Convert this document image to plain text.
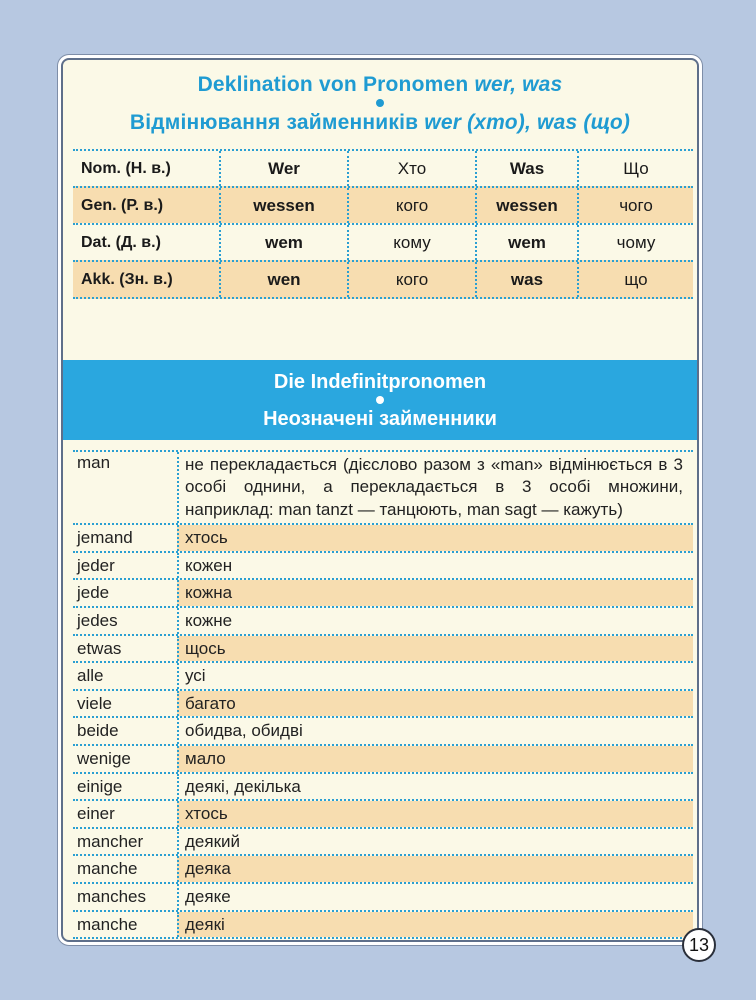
Deklination von Pronomen wer, was
Відмінювання займенників wer (хто), was (що)
Nom. (Н. в.)	Wer	Хто	Was	Що
Gen. (Р. в.)	wessen	кого	wessen	чого
Dat. (Д. в.)	wem	кому	wem	чому
Akk. (Зн. в.)	wen	кого	was	що
Die Indefinitpronomen
Неозначені займенники
man	не перекладається (дієслово разом з «man» відмінюється в 3 особі однини, а перекладається в 3 особі множини, наприклад: man tanzt — танцюють, man sagt — кажуть)
jemand	хтось
jeder	кожен
jede	кожна
jedes	кожне
etwas	щось
alle	усі
viele	багато
beide	обидва, обидві
wenige	мало
einige	деякі, декілька
einer	хтось
mancher	деякий
manche	деяка
manches	деяке
manche	деякі
13
